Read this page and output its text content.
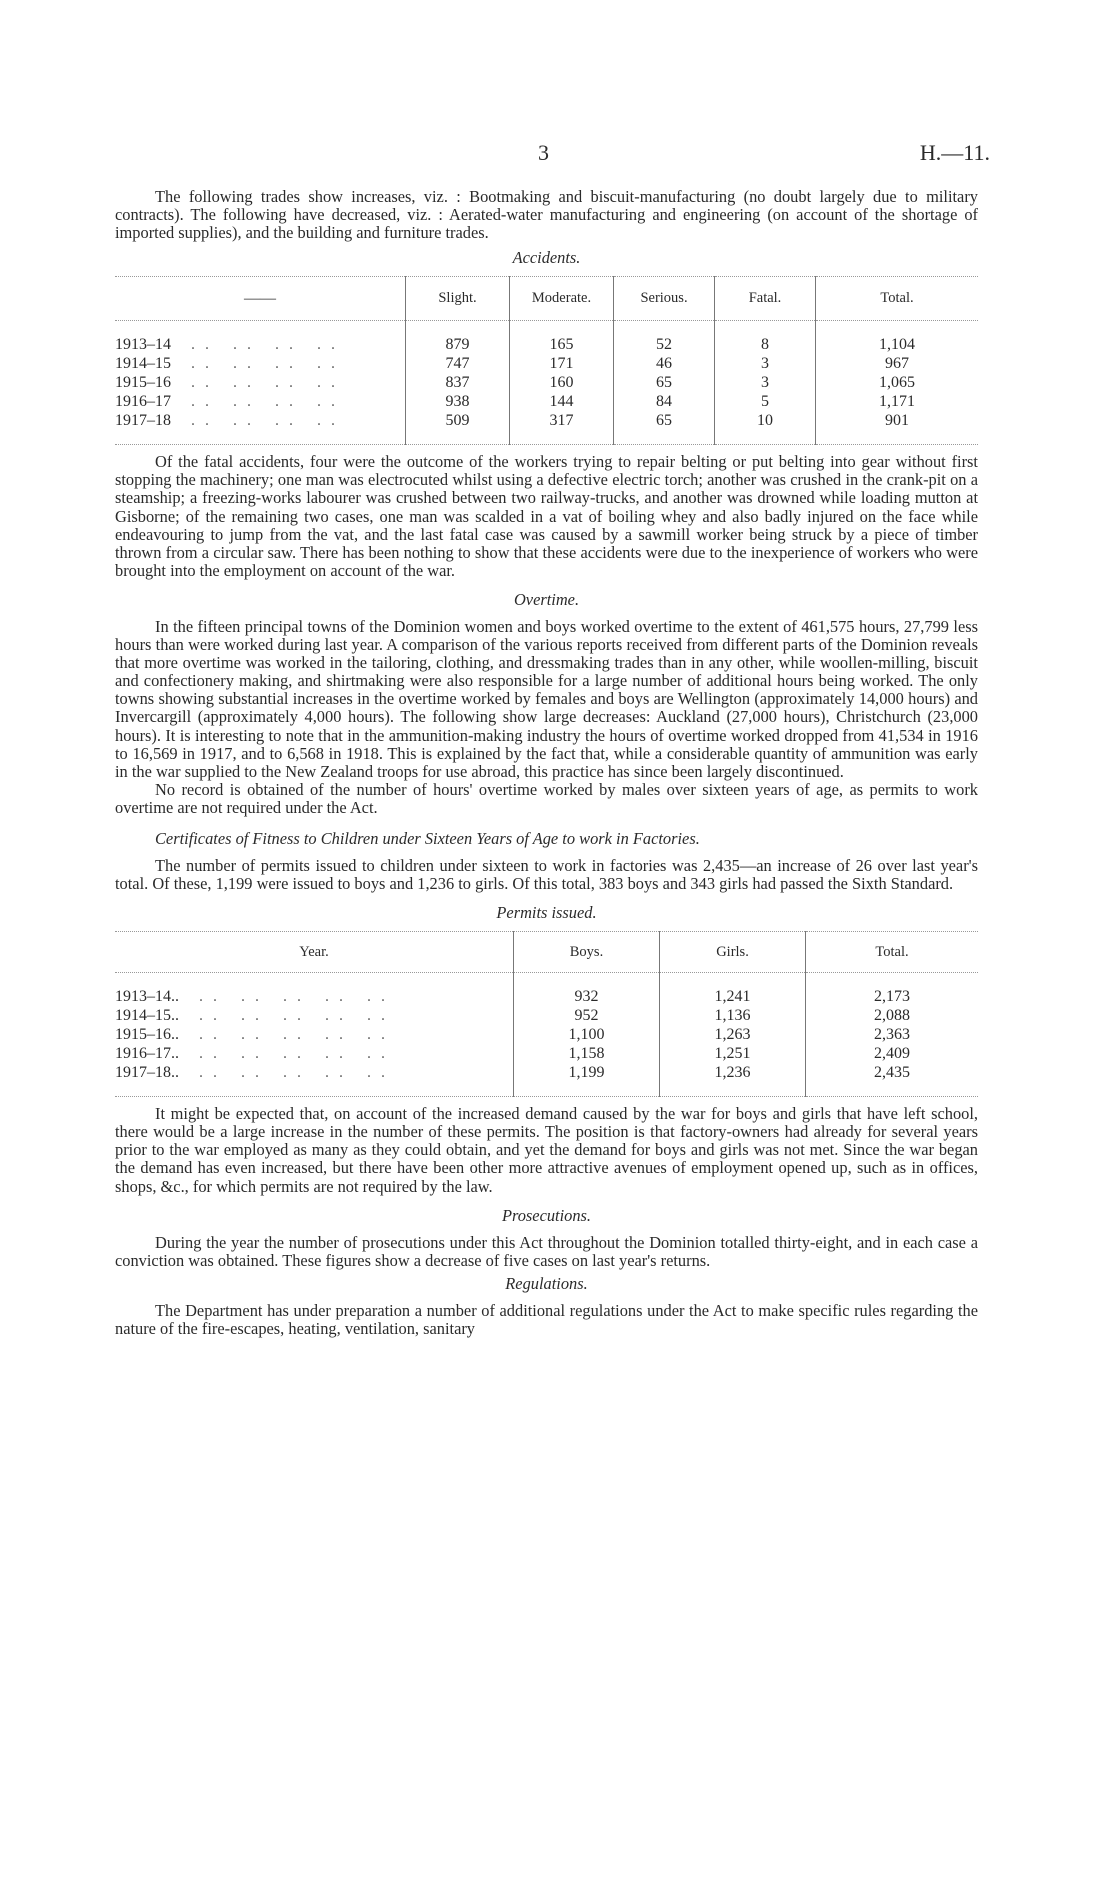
3	H.—11.

The following trades show increases, viz. : Bootmaking and biscuit-manufacturing (no doubt largely due to military contracts). The following have decreased, viz. : Aerated-water manufacturing and engineering (on account of the shortage of imported supplies), and the building and furniture trades.

Accidents.
——	Slight.	Moderate.	Serious.	Fatal.	Total.
1913–14 .. .. .. ..	879	165	52	8	1,104
1914–15 .. .. .. ..	747	171	46	3	967
1915–16 .. .. .. ..	837	160	65	3	1,065
1916–17 .. .. .. ..	938	144	84	5	1,171
1917–18 .. .. .. ..	509	317	65	10	901

Of the fatal accidents, four were the outcome of the workers trying to repair belting or put belting into gear without first stopping the machinery; one man was electrocuted whilst using a defective electric torch; another was crushed in the crank-pit on a steamship; a freezing-works labourer was crushed between two railway-trucks, and another was drowned while loading mutton at Gisborne; of the remaining two cases, one man was scalded in a vat of boiling whey and also badly injured on the face while endeavouring to jump from the vat, and the last fatal case was caused by a sawmill worker being struck by a piece of timber thrown from a circular saw. There has been nothing to show that these accidents were due to the inexperience of workers who were brought into the employment on account of the war.

Overtime.

In the fifteen principal towns of the Dominion women and boys worked overtime to the extent of 461,575 hours, 27,799 less hours than were worked during last year. A comparison of the various reports received from different parts of the Dominion reveals that more overtime was worked in the tailoring, clothing, and dressmaking trades than in any other, while woollen-milling, biscuit and confectionery making, and shirtmaking were also responsible for a large number of additional hours being worked. The only towns showing substantial increases in the overtime worked by females and boys are Wellington (approximately 14,000 hours) and Invercargill (approximately 4,000 hours). The following show large decreases: Auckland (27,000 hours), Christchurch (23,000 hours). It is interesting to note that in the ammunition-making industry the hours of overtime worked dropped from 41,534 in 1916 to 16,569 in 1917, and to 6,568 in 1918. This is explained by the fact that, while a considerable quantity of ammunition was early in the war supplied to the New Zealand troops for use abroad, this practice has since been largely discontinued.

No record is obtained of the number of hours' overtime worked by males over sixteen years of age, as permits to work overtime are not required under the Act.

Certificates of Fitness to Children under Sixteen Years of Age to work in Factories.

The number of permits issued to children under sixteen to work in factories was 2,435—an increase of 26 over last year's total. Of these, 1,199 were issued to boys and 1,236 to girls. Of this total, 383 boys and 343 girls had passed the Sixth Standard.

Permits issued.
Year.	Boys.	Girls.	Total.
1913–14.. .. .. .. .. ..	932	1,241	2,173
1914–15.. .. .. .. .. ..	952	1,136	2,088
1915–16.. .. .. .. .. ..	1,100	1,263	2,363
1916–17.. .. .. .. .. ..	1,158	1,251	2,409
1917–18.. .. .. .. .. ..	1,199	1,236	2,435

It might be expected that, on account of the increased demand caused by the war for boys and girls that have left school, there would be a large increase in the number of these permits. The position is that factory-owners had already for several years prior to the war employed as many as they could obtain, and yet the demand for boys and girls was not met. Since the war began the demand has even increased, but there have been other more attractive avenues of employment opened up, such as in offices, shops, &c., for which permits are not required by the law.

Prosecutions.

During the year the number of prosecutions under this Act throughout the Dominion totalled thirty-eight, and in each case a conviction was obtained. These figures show a decrease of five cases on last year's returns.

Regulations.

The Department has under preparation a number of additional regulations under the Act to make specific rules regarding the nature of the fire-escapes, heating, ventilation, sanitary
